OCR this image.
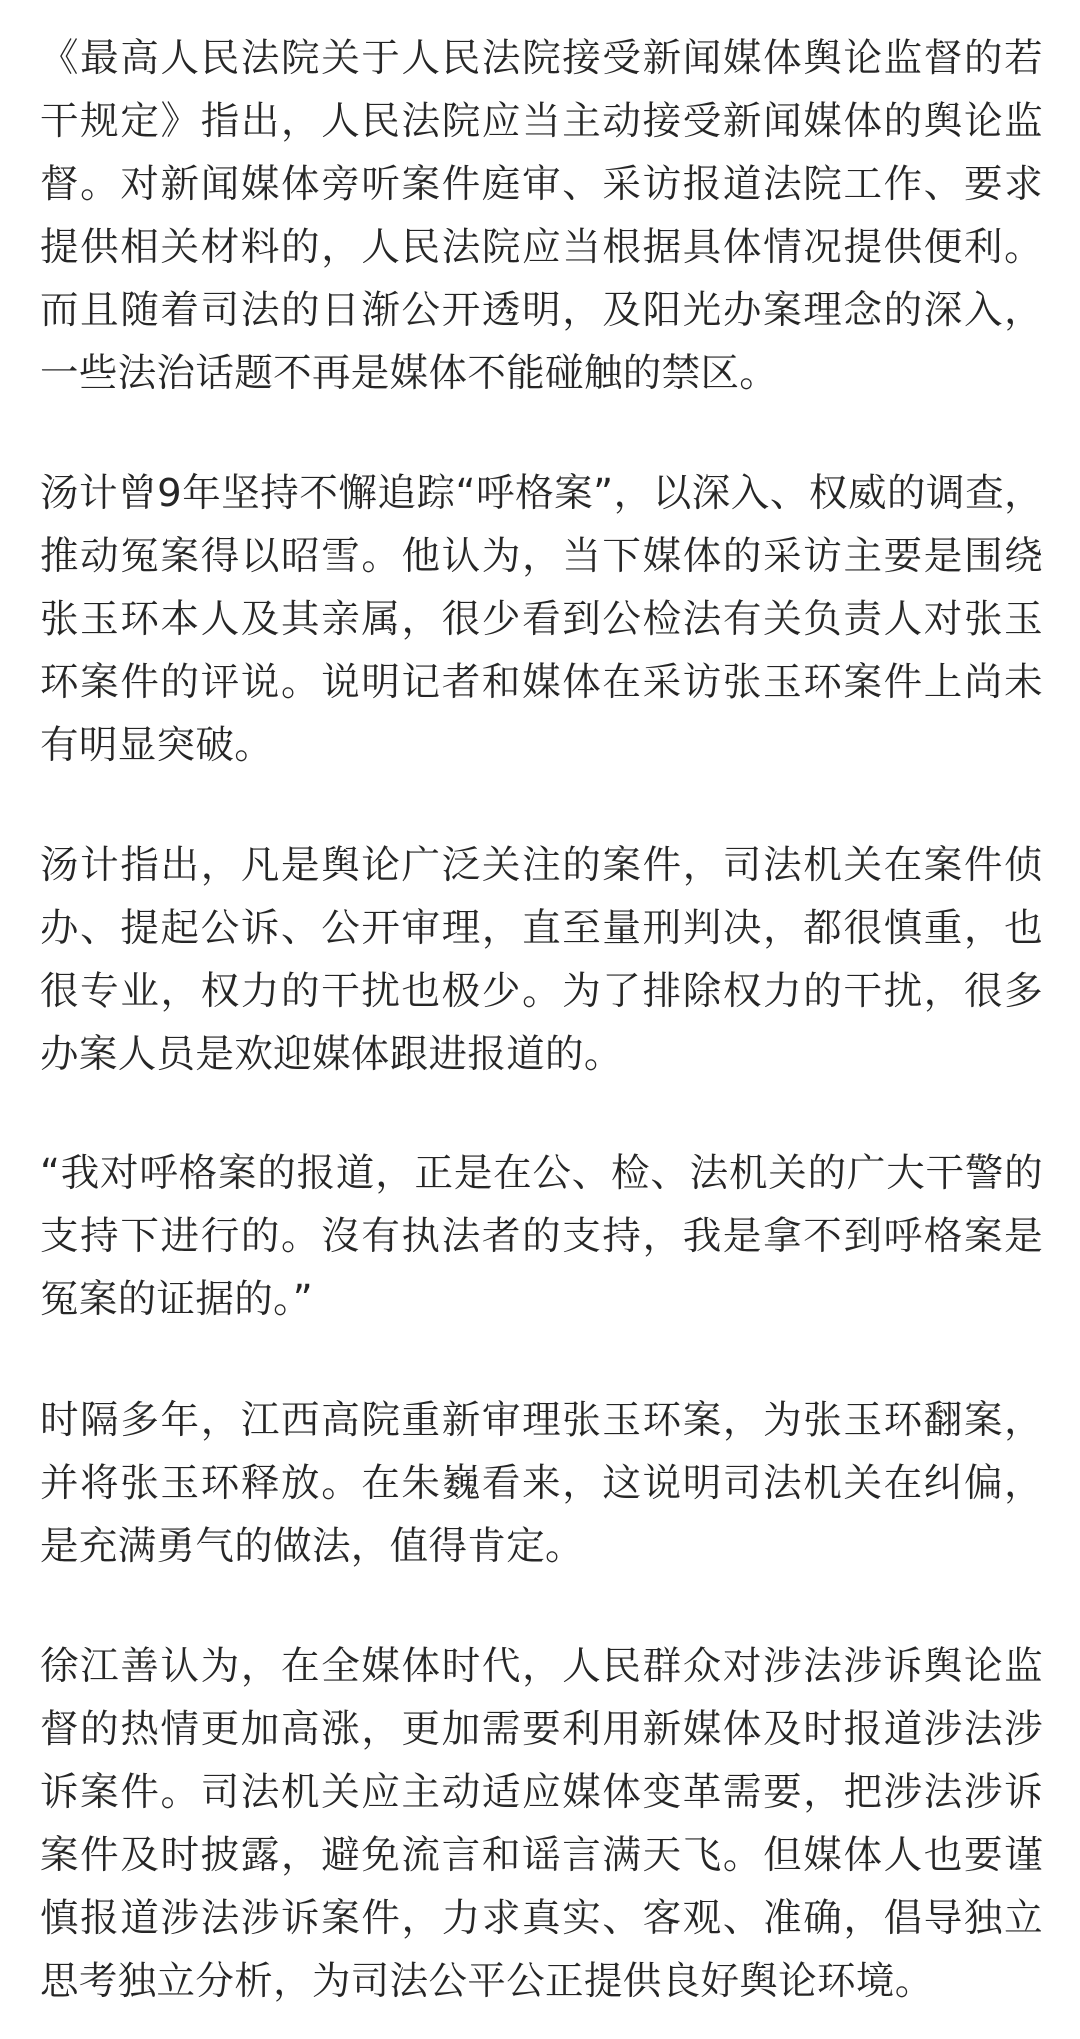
《最高人民法院关于人民法院接受新闻媒体舆论监督的若干规定》指出，人民法院应当主动接受新闻媒体的舆论监督。对新闻媒体旁听案件庭审、采访报道法院工作、要求提供相关材料的，人民法院应当根据具体情况提供便利。而且随着司法的日渐公开透明，及阳光办案理念的深入，一些法治话题不再是媒体不能碰触的禁区。

汤计曾9年坚持不懈追踪“呼格案”，以深入、权威的调查，推动冤案得以昭雪。他认为，当下媒体的采访主要是围绕张玉环本人及其亲属，很少看到公检法有关负责人对张玉环案件的评说。说明记者和媒体在采访张玉环案件上尚未有明显突破。

汤计指出，凡是舆论广泛关注的案件，司法机关在案件侦办、提起公诉、公开审理，直至量刑判决，都很慎重，也很专业，权力的干扰也极少。为了排除权力的干扰，很多办案人员是欢迎媒体跟进报道的。

“我对呼格案的报道，正是在公、检、法机关的广大干警的支持下进行的。沒有执法者的支持，我是拿不到呼格案是冤案的证据的。”

时隔多年，江西高院重新审理张玉环案，为张玉环翻案，并将张玉环释放。在朱巍看来，这说明司法机关在纠偏，是充满勇气的做法，值得肯定。

徐江善认为，在全媒体时代，人民群众对涉法涉诉舆论监督的热情更加高涨，更加需要利用新媒体及时报道涉法涉诉案件。司法机关应主动适应媒体变革需要，把涉法涉诉案件及时披露，避免流言和谣言满天飞。但媒体人也要谨慎报道涉法涉诉案件，力求真实、客观、准确，倡导独立思考独立分析，为司法公平公正提供良好舆论环境。
